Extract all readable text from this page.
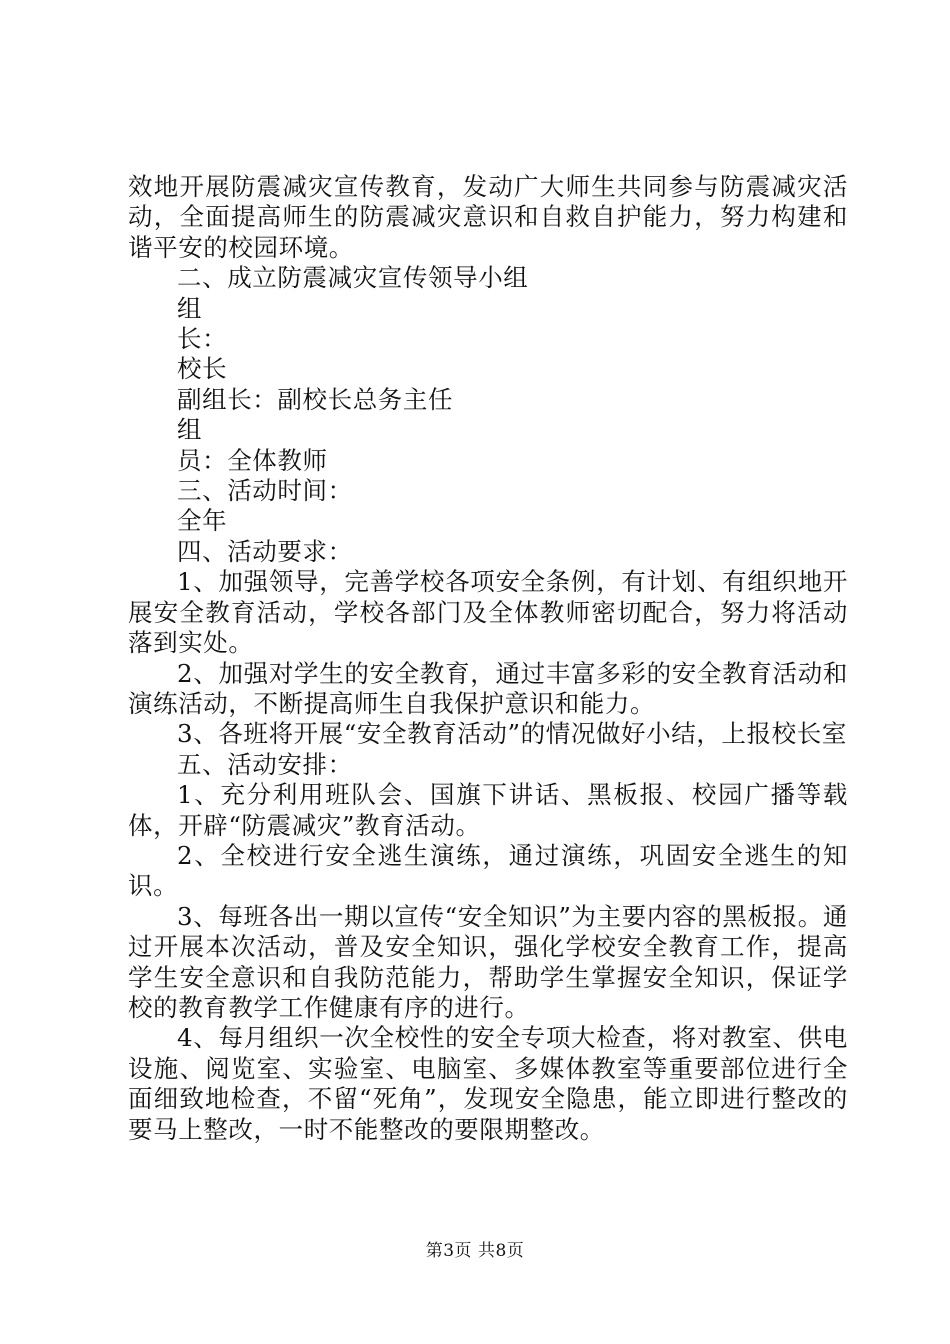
效地开展防震减灾宣传教育，发动广大师生共同参与防震减灾活动，全面提高师生的防震减灾意识和自救自护能力，努力构建和谐平安的校园环境。

二、成立防震减灾宣传领导小组

组

长：

校长

副组长：副校长总务主任

组

员：全体教师

三、活动时间：

全年

四、活动要求：

1、加强领导，完善学校各项安全条例，有计划、有组织地开展安全教育活动，学校各部门及全体教师密切配合，努力将活动落到实处。

2、加强对学生的安全教育，通过丰富多彩的安全教育活动和演练活动，不断提高师生自我保护意识和能力。

3、各班将开展“安全教育活动”的情况做好小结，上报校长室

五、活动安排：

1、充分利用班队会、国旗下讲话、黑板报、校园广播等载体，开辟“防震减灾”教育活动。

2、全校进行安全逃生演练，通过演练，巩固安全逃生的知识。

3、每班各出一期以宣传“安全知识”为主要内容的黑板报。通过开展本次活动，普及安全知识，强化学校安全教育工作，提高学生安全意识和自我防范能力，帮助学生掌握安全知识，保证学校的教育教学工作健康有序的进行。

4、每月组织一次全校性的安全专项大检查，将对教室、供电设施、阅览室、实验室、电脑室、多媒体教室等重要部位进行全面细致地检查，不留“死角”，发现安全隐患，能立即进行整改的要马上整改，一时不能整改的要限期整改。

第3页 共8页
